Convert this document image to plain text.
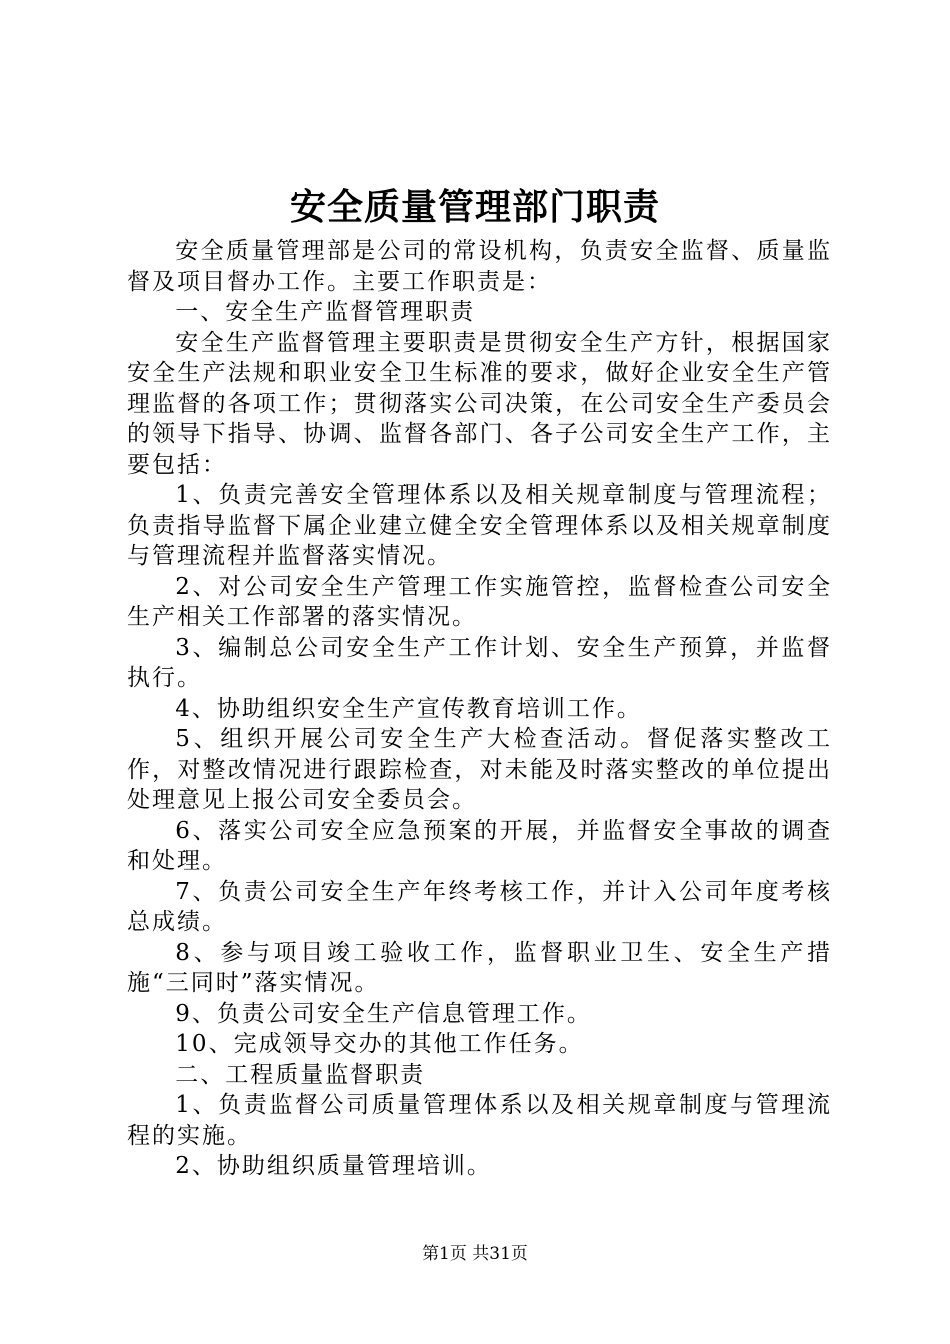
安全质量管理部门职责

安全质量管理部是公司的常设机构，负责安全监督、质量监督及项目督办工作。主要工作职责是：

一、安全生产监督管理职责

安全生产监督管理主要职责是贯彻安全生产方针，根据国家安全生产法规和职业安全卫生标准的要求，做好企业安全生产管理监督的各项工作；贯彻落实公司决策，在公司安全生产委员会的领导下指导、协调、监督各部门、各子公司安全生产工作，主要包括：

1、负责完善安全管理体系以及相关规章制度与管理流程；负责指导监督下属企业建立健全安全管理体系以及相关规章制度与管理流程并监督落实情况。

2、对公司安全生产管理工作实施管控，监督检查公司安全生产相关工作部署的落实情况。

3、编制总公司安全生产工作计划、安全生产预算，并监督执行。

4、协助组织安全生产宣传教育培训工作。

5、组织开展公司安全生产大检查活动。督促落实整改工作，对整改情况进行跟踪检查，对未能及时落实整改的单位提出处理意见上报公司安全委员会。

6、落实公司安全应急预案的开展，并监督安全事故的调查和处理。

7、负责公司安全生产年终考核工作，并计入公司年度考核总成绩。

8、参与项目竣工验收工作，监督职业卫生、安全生产措施“三同时”落实情况。

9、负责公司安全生产信息管理工作。

10、完成领导交办的其他工作任务。

二、工程质量监督职责

1、负责监督公司质量管理体系以及相关规章制度与管理流程的实施。

2、协助组织质量管理培训。

第1页 共31页
